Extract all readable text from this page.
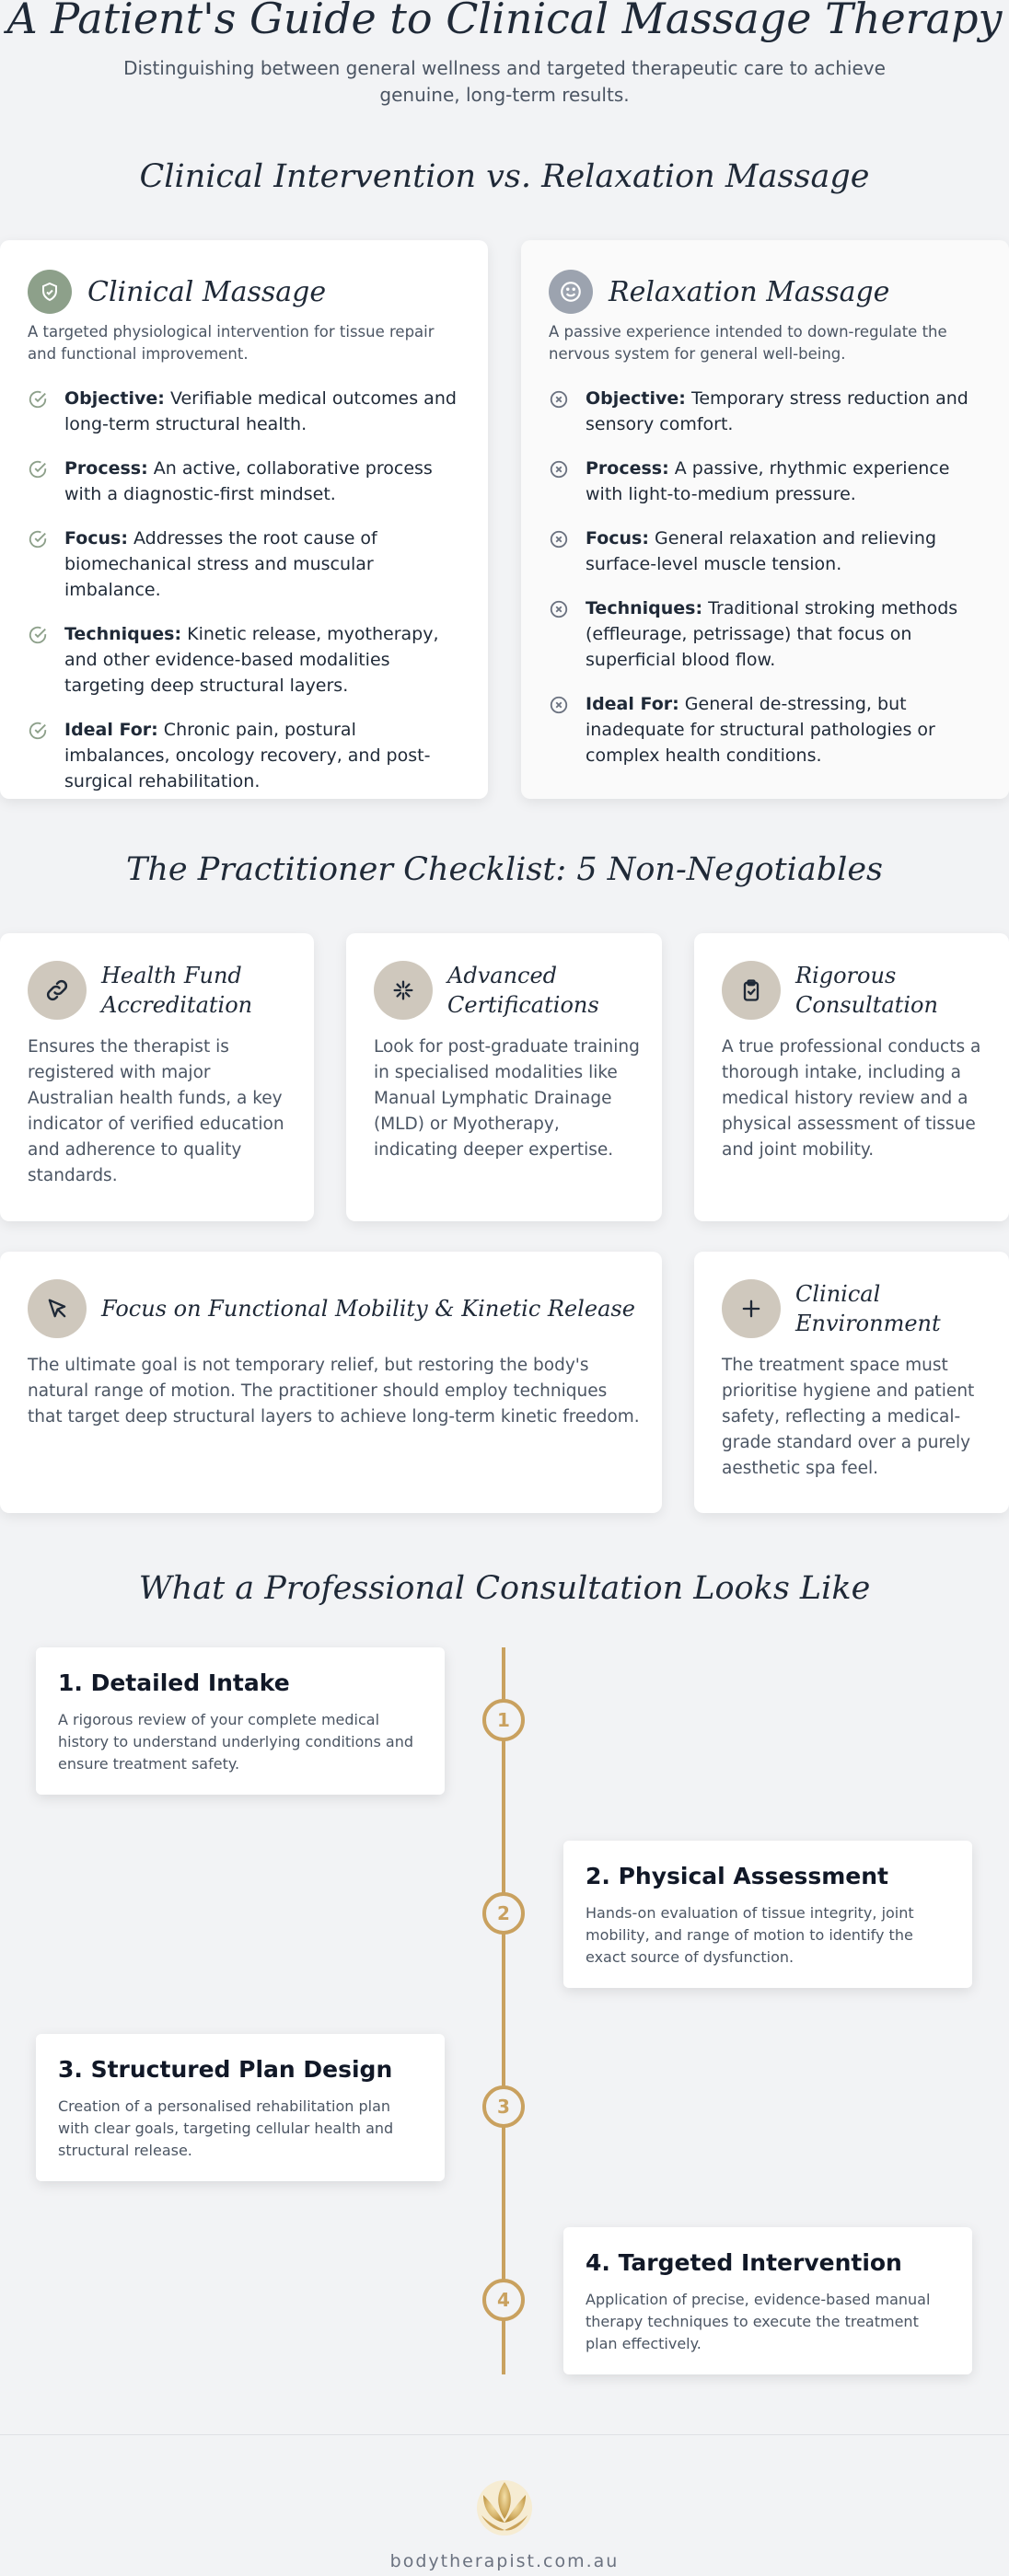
A Patient's Guide to Clinical Massage Therapy

Distinguishing between general wellness and targeted therapeutic care to achieve genuine, long-term results.

Clinical Intervention vs. Relaxation Massage
Clinical Massage

A targeted physiological intervention for tissue repair and functional improvement.

Objective: Verifiable medical outcomes and long-term structural health.
Process: An active, collaborative process with a diagnostic-first mindset.
Focus: Addresses the root cause of biomechanical stress and muscular imbalance.
Techniques: Kinetic release, myotherapy, and other evidence-based modalities targeting deep structural layers.
Ideal For: Chronic pain, postural imbalances, oncology recovery, and post-surgical rehabilitation.
Relaxation Massage

A passive experience intended to down-regulate the nervous system for general well-being.

Objective: Temporary stress reduction and sensory comfort.
Process: A passive, rhythmic experience with light-to-medium pressure.
Focus: General relaxation and relieving surface-level muscle tension.
Techniques: Traditional stroking methods (effleurage, petrissage) that focus on superficial blood flow.
Ideal For: General de-stressing, but inadequate for structural pathologies or complex health conditions.
The Practitioner Checklist: 5 Non-Negotiables
Health Fund Accreditation

Ensures the therapist is registered with major Australian health funds, a key indicator of verified education and adherence to quality standards.

Advanced Certifications

Look for post-graduate training in specialised modalities like Manual Lymphatic Drainage (MLD) or Myotherapy, indicating deeper expertise.

Rigorous Consultation

A true professional conducts a thorough intake, including a medical history review and a physical assessment of tissue and joint mobility.

Focus on Functional Mobility & Kinetic Release

The ultimate goal is not temporary relief, but restoring the body's natural range of motion. The practitioner should employ techniques that target deep structural layers to achieve long-term kinetic freedom.

Clinical Environment

The treatment space must prioritise hygiene and patient safety, reflecting a medical-grade standard over a purely aesthetic spa feel.

What a Professional Consultation Looks Like
1. Detailed Intake

A rigorous review of your complete medical history to understand underlying conditions and ensure treatment safety.

1
2. Physical Assessment

Hands-on evaluation of tissue integrity, joint mobility, and range of motion to identify the exact source of dysfunction.

2
3. Structured Plan Design

Creation of a personalised rehabilitation plan with clear goals, targeting cellular health and structural release.

3
4. Targeted Intervention

Application of precise, evidence-based manual therapy techniques to execute the treatment plan effectively.

4
bodytherapist.com.au
